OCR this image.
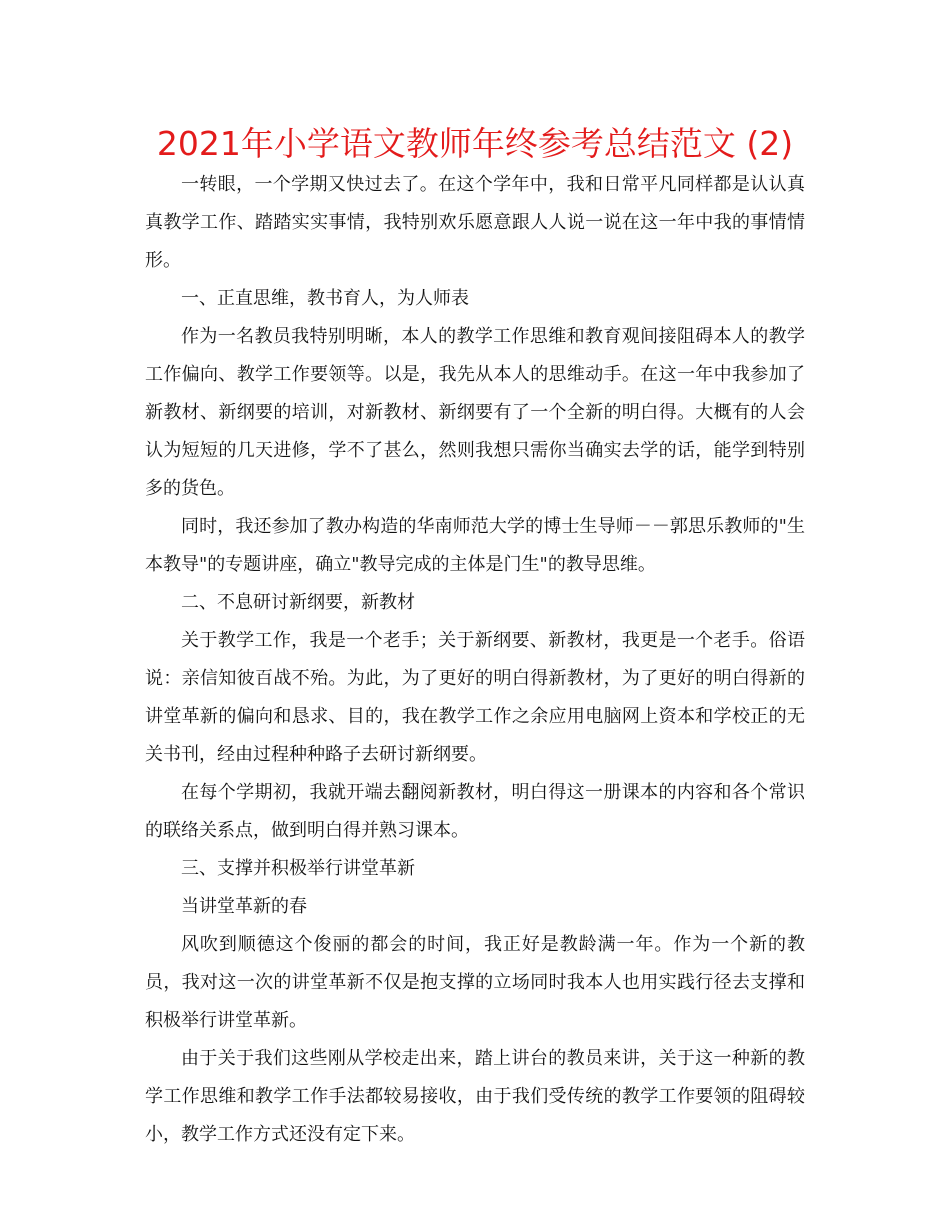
2021年小学语文教师年终参考总结范文 (2)

一转眼，一个学期又快过去了。在这个学年中，我和日常平凡同样都是认认真真教学工作、踏踏实实事情，我特别欢乐愿意跟人人说一说在这一年中我的事情情形。

一、正直思维，教书育人，为人师表

作为一名教员我特别明晰，本人的教学工作思维和教育观间接阻碍本人的教学工作偏向、教学工作要领等。以是，我先从本人的思维动手。在这一年中我参加了新教材、新纲要的培训，对新教材、新纲要有了一个全新的明白得。大概有的人会认为短短的几天进修，学不了甚么，然则我想只需你当确实去学的话，能学到特别多的货色。

同时，我还参加了教办构造的华南师范大学的博士生导师－－郭思乐教师的"生本教导"的专题讲座，确立"教导完成的主体是门生"的教导思维。

二、不息研讨新纲要，新教材

关于教学工作，我是一个老手；关于新纲要、新教材，我更是一个老手。俗语说：亲信知彼百战不殆。为此，为了更好的明白得新教材，为了更好的明白得新的讲堂革新的偏向和恳求、目的，我在教学工作之余应用电脑网上资本和学校正的无关书刊，经由过程种种路子去研讨新纲要。

在每个学期初，我就开端去翻阅新教材，明白得这一册课本的内容和各个常识的联络关系点，做到明白得并熟习课本。

三、支撑并积极举行讲堂革新

当讲堂革新的春

风吹到顺德这个俊丽的都会的时间，我正好是教龄满一年。作为一个新的教员，我对这一次的讲堂革新不仅是抱支撑的立场同时我本人也用实践行径去支撑和积极举行讲堂革新。

由于关于我们这些刚从学校走出来，踏上讲台的教员来讲，关于这一种新的教学工作思维和教学工作手法都较易接收，由于我们受传统的教学工作要领的阻碍较小，教学工作方式还没有定下来。
